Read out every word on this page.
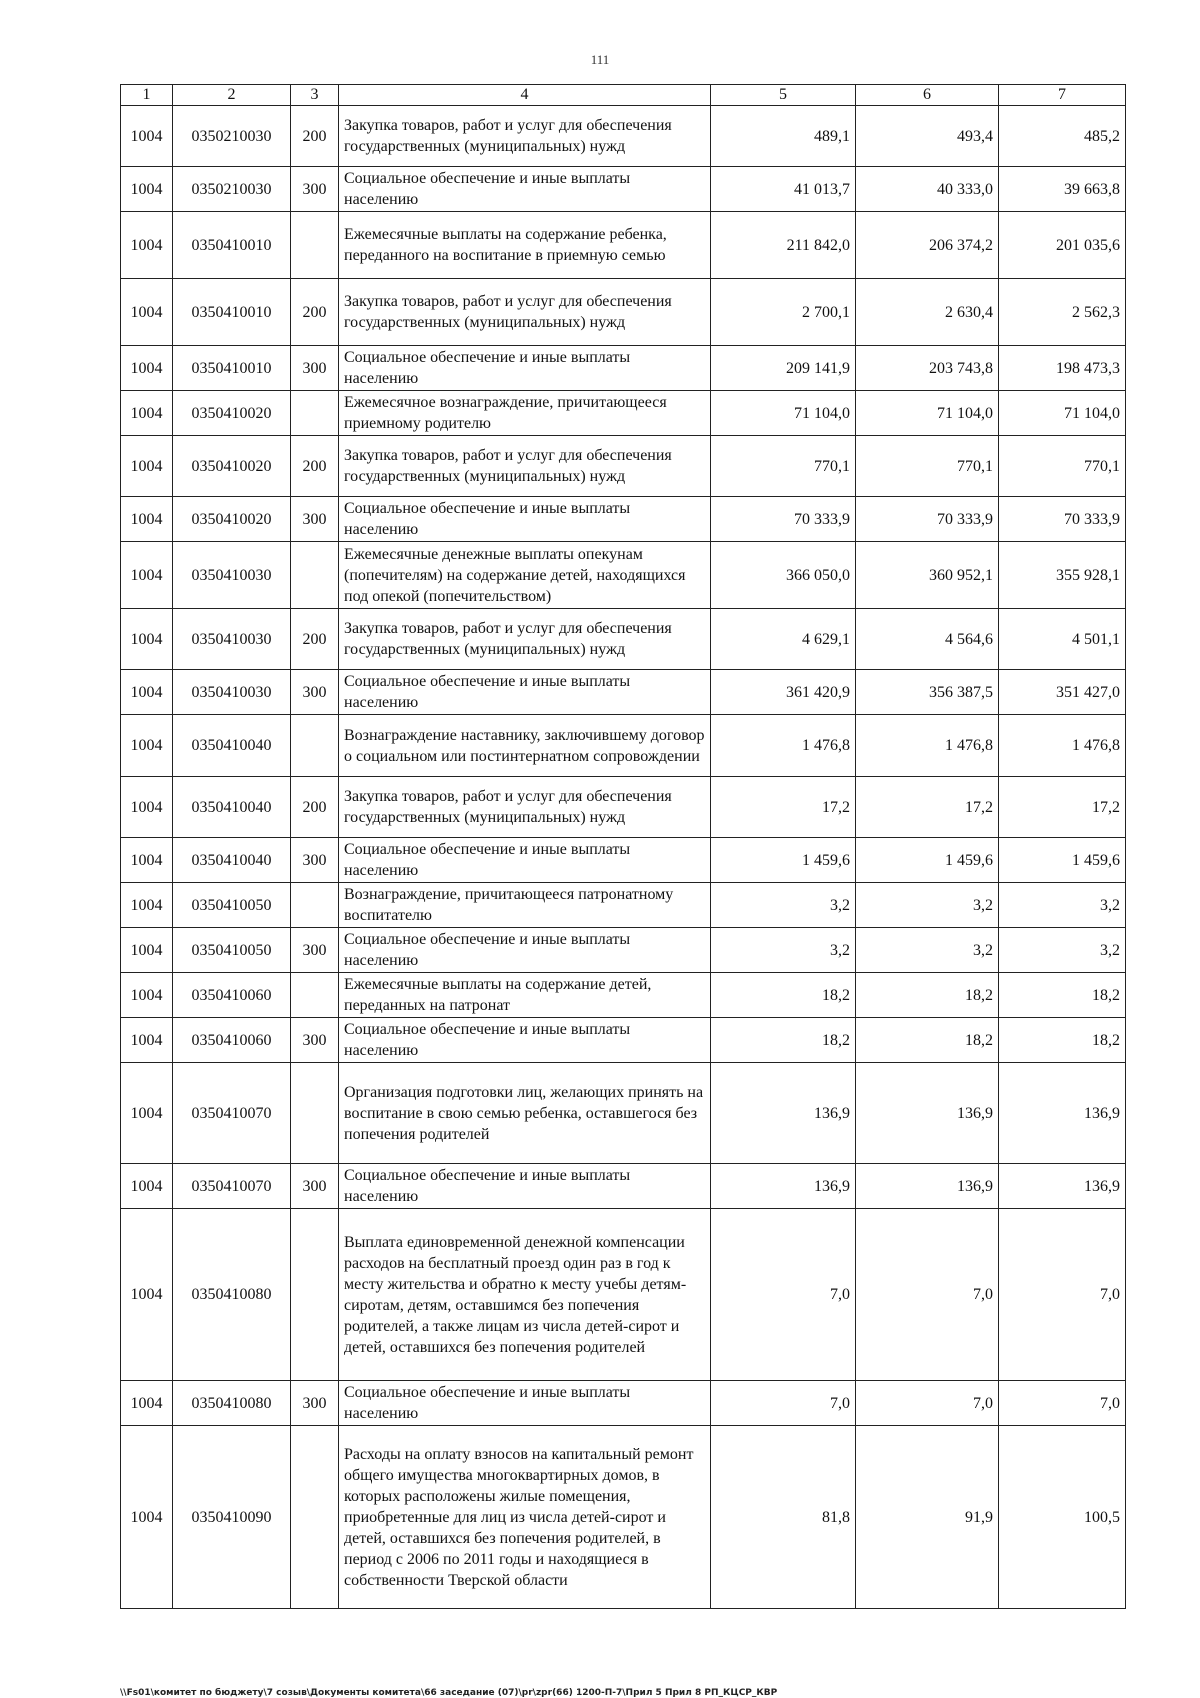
111
1	2	3	4	5	6	7
1004	0350210030	200	Закупка товаров, работ и услуг для обеспечения государственных (муниципальных) нужд	489,1	493,4	485,2
1004	0350210030	300	Социальное обеспечение и иные выплаты населению	41 013,7	40 333,0	39 663,8
1004	0350410010		Ежемесячные выплаты на содержание ребенка, переданного на воспитание в приемную семью	211 842,0	206 374,2	201 035,6
1004	0350410010	200	Закупка товаров, работ и услуг для обеспечения государственных (муниципальных) нужд	2 700,1	2 630,4	2 562,3
1004	0350410010	300	Социальное обеспечение и иные выплаты населению	209 141,9	203 743,8	198 473,3
1004	0350410020		Ежемесячное вознаграждение, причитающееся приемному родителю	71 104,0	71 104,0	71 104,0
1004	0350410020	200	Закупка товаров, работ и услуг для обеспечения государственных (муниципальных) нужд	770,1	770,1	770,1
1004	0350410020	300	Социальное обеспечение и иные выплаты населению	70 333,9	70 333,9	70 333,9
1004	0350410030		Ежемесячные денежные выплаты опекунам (попечителям) на содержание детей, находящихся под опекой (попечительством)	366 050,0	360 952,1	355 928,1
1004	0350410030	200	Закупка товаров, работ и услуг для обеспечения государственных (муниципальных) нужд	4 629,1	4 564,6	4 501,1
1004	0350410030	300	Социальное обеспечение и иные выплаты населению	361 420,9	356 387,5	351 427,0
1004	0350410040		Вознаграждение наставнику, заключившему договор о социальном или постинтернатном сопровождении	1 476,8	1 476,8	1 476,8
1004	0350410040	200	Закупка товаров, работ и услуг для обеспечения государственных (муниципальных) нужд	17,2	17,2	17,2
1004	0350410040	300	Социальное обеспечение и иные выплаты населению	1 459,6	1 459,6	1 459,6
1004	0350410050		Вознаграждение, причитающееся патронатному воспитателю	3,2	3,2	3,2
1004	0350410050	300	Социальное обеспечение и иные выплаты населению	3,2	3,2	3,2
1004	0350410060		Ежемесячные выплаты на содержание детей, переданных на патронат	18,2	18,2	18,2
1004	0350410060	300	Социальное обеспечение и иные выплаты населению	18,2	18,2	18,2
1004	0350410070		Организация подготовки лиц, желающих принять на воспитание в свою семью ребенка, оставшегося без попечения родителей	136,9	136,9	136,9
1004	0350410070	300	Социальное обеспечение и иные выплаты населению	136,9	136,9	136,9
1004	0350410080		Выплата единовременной денежной компенсации расходов на бесплатный проезд один раз в год к месту жительства и обратно к месту учебы детям-сиротам, детям, оставшимся без попечения родителей, а также лицам из числа детей-сирот и детей, оставшихся без попечения родителей	7,0	7,0	7,0
1004	0350410080	300	Социальное обеспечение и иные выплаты населению	7,0	7,0	7,0
1004	0350410090		Расходы на оплату взносов на капитальный ремонт общего имущества многоквартирных домов, в которых расположены жилые помещения, приобретенные для лиц из числа детей-сирот и детей, оставшихся без попечения родителей, в период с 2006 по 2011 годы и находящиеся в собственности Тверской области	81,8	91,9	100,5
\\Fs01\комитет по бюджету\7 созыв\Документы комитета\66 заседание (07)\pr\zpr(66) 1200-П-7\Прил 5 Прил 8 РП_КЦСР_КВР
